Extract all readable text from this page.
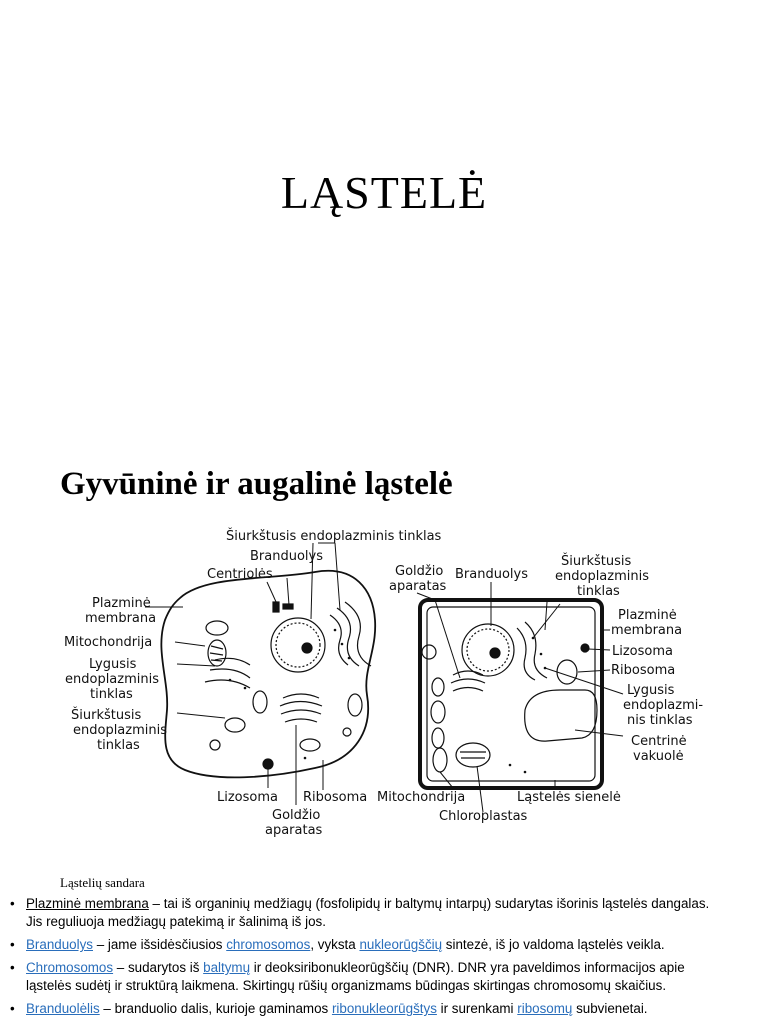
LĄSTELĖ
Gyvūninė ir augalinė ląstelė
Šiurkštusis endoplazminis tinklas
Branduolys
Centriolės
Plazminė
membrana
Mitochondrija
Lygusis
endoplazminis
tinklas
Šiurkštusis
endoplazminis
tinklas
Lizosoma Ribosoma
Goldžio
aparatas
Goldžio
aparatas
Branduolys
Šiurkštusis
endoplazminis
tinklas
Plazminė
membrana
Lizosoma
Ribosoma
Lygusis
endoplazmi-
nis tinklas
Centrinė
vakuolė
Mitochondrija	Ląstelės sienelė
Chloroplastas
Ląstelių sandara
• Plazminė membrana – tai iš organinių medžiagų (fosfolipidų ir baltymų intarpų) sudarytas išorinis ląstelės dangalas. Jis reguliuoja medžiagų patekimą ir šalinimą iš jos.
• Branduolys – jame išsidėsčiusios chromosomos, vyksta nukleorūgščių sintezė, iš jo valdoma ląstelės veikla.
• Chromosomos – sudarytos iš baltymų ir deoksiribonukleorūgščių (DNR). DNR yra paveldimos informacijos apie ląstelės sudėtį ir struktūrą laikmena. Skirtingų rūšių organizmams būdingas skirtingas chromosomų skaičius.
• Branduolėlis – branduolio dalis, kurioje gaminamos ribonukleorūgštys ir surenkami ribosomų subvienetai.
